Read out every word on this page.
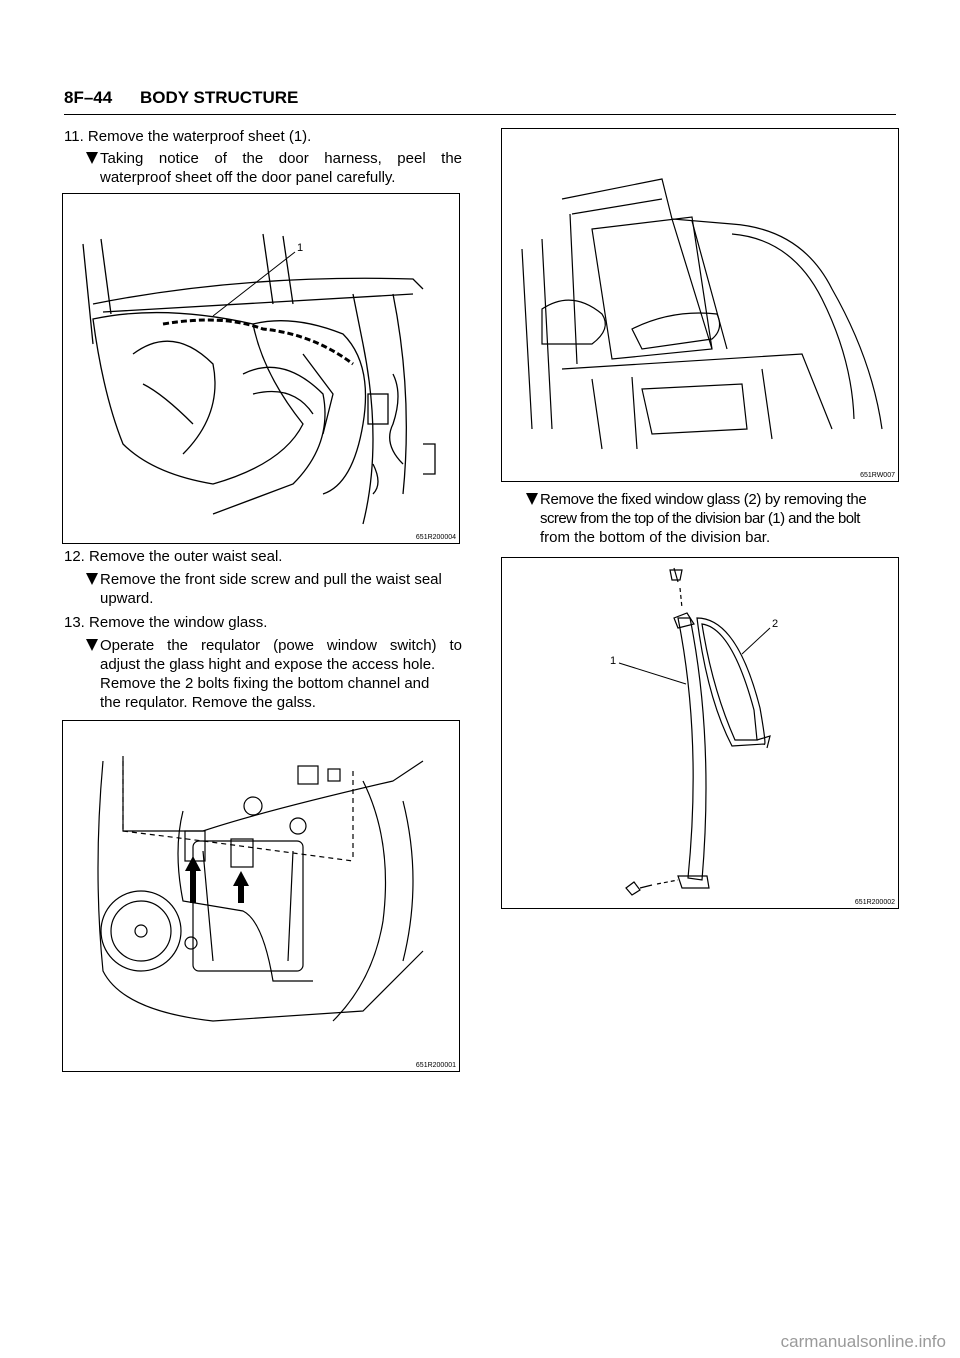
8F–44 BODY STRUCTURE
11. Remove the waterproof sheet (1).
Taking notice of the door harness, peel the
waterproof sheet off the door panel carefully.
1
651R200004
12. Remove the outer waist seal.
Remove the front side screw and pull the waist seal
upward.
13. Remove the window glass.
Operate the requlator (powe window switch) to
adjust the glass hight and expose the access hole.
Remove the 2 bolts fixing the bottom channel and
the requlator. Remove the galss.
651R200001
651RW007
Remove the fixed window glass (2) by removing the
screw from the top of the division bar (1) and the bolt
from the bottom of the division bar.
1
2
651R200002
carmanualsonline.info
